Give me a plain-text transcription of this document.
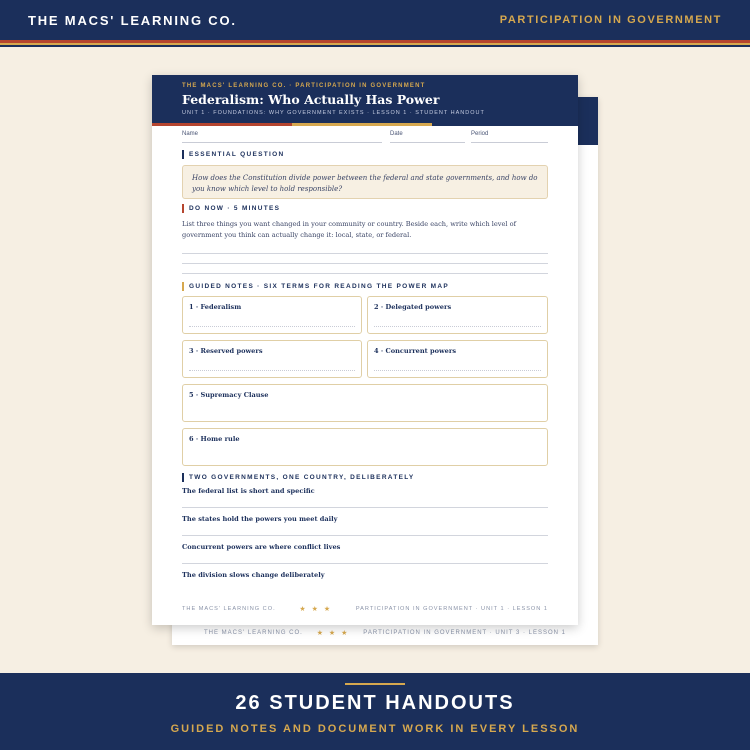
THE MACS' LEARNING CO.	PARTICIPATION IN GOVERNMENT
THE MACS' LEARNING CO. ★ ★ ★ PARTICIPATION IN GOVERNMENT · UNIT 3 · LESSON 1
THE MACS' LEARNING CO. · PARTICIPATION IN GOVERNMENT
Federalism: Who Actually Has Power
UNIT 1 · FOUNDATIONS: WHY GOVERNMENT EXISTS · LESSON 1 · STUDENT HANDOUT
Name	Date	Period
ESSENTIAL QUESTION
How does the Constitution divide power between the federal and state governments, and how do you know which level to hold responsible?
DO NOW · 5 MINUTES
List three things you want changed in your community or country. Beside each, write which level of government you think can actually change it: local, state, or federal.
GUIDED NOTES · SIX TERMS FOR READING THE POWER MAP
1 · Federalism	2 · Delegated powers
3 · Reserved powers	4 · Concurrent powers
5 · Supremacy Clause
6 · Home rule
TWO GOVERNMENTS, ONE COUNTRY, DELIBERATELY
The federal list is short and specific
The states hold the powers you meet daily
Concurrent powers are where conflict lives
The division slows change deliberately
THE MACS' LEARNING CO.	★ ★ ★	PARTICIPATION IN GOVERNMENT · UNIT 1 · LESSON 1
26 STUDENT HANDOUTS
GUIDED NOTES AND DOCUMENT WORK IN EVERY LESSON
